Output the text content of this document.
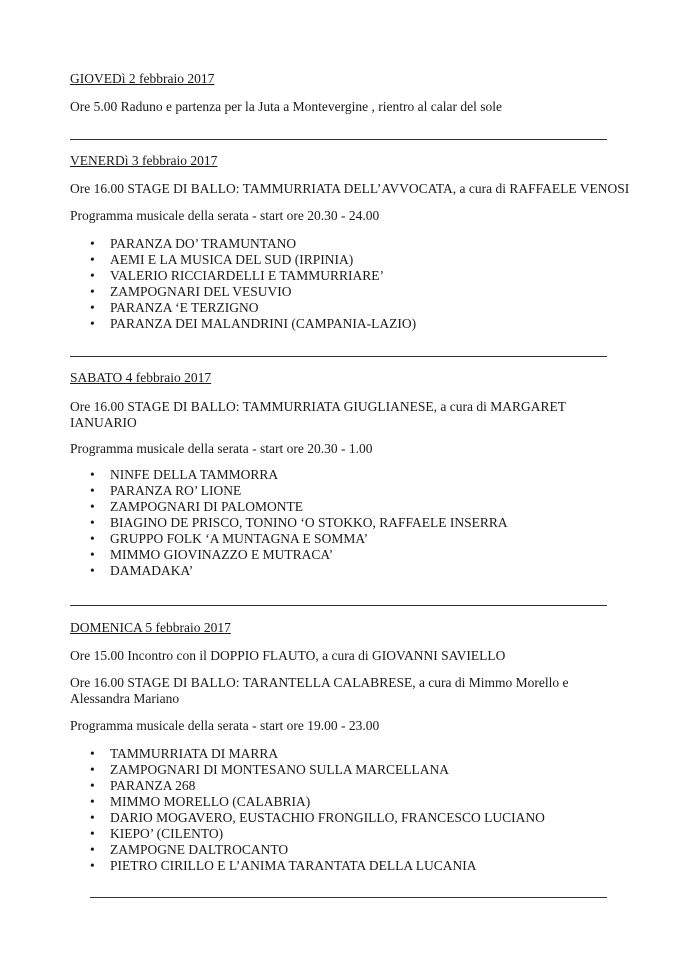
GIOVEDì 2 febbraio 2017

Ore 5.00 Raduno e partenza per la Juta a Montevergine , rientro al calar del sole

VENERDì 3 febbraio 2017

Ore 16.00 STAGE DI BALLO: TAMMURRIATA DELL’AVVOCATA, a cura di RAFFAELE VENOSI

Programma musicale della serata - start ore 20.30 - 24.00

• PARANZA DO’ TRAMUNTANO
• AEMI E LA MUSICA DEL SUD (IRPINIA)
• VALERIO RICCIARDELLI E TAMMURRIARE’
• ZAMPOGNARI DEL VESUVIO
• PARANZA ‘E TERZIGNO
• PARANZA DEI MALANDRINI (CAMPANIA-LAZIO)

SABATO 4 febbraio 2017

Ore 16.00 STAGE DI BALLO: TAMMURRIATA GIUGLIANESE, a cura di MARGARET

IANUARIO

• NINFE DELLA TAMMORRA
• PARANZA RO’ LIONE
• ZAMPOGNARI DI PALOMONTE
• BIAGINO DE PRISCO, TONINO ‘O STOKKO, RAFFAELE INSERRA
• GRUPPO FOLK ‘A MUNTAGNA E SOMMA’
• MIMMO GIOVINAZZO E MUTRACA’
• DAMADAKA’

Programma musicale della serata - start ore 20.30 - 1.00

DOMENICA 5 febbraio 2017

Ore 15.00 Incontro con il DOPPIO FLAUTO, a cura di GIOVANNI SAVIELLO

Ore 16.00 STAGE DI BALLO: TARANTELLA CALABRESE, a cura di Mimmo Morello e

Alessandra Mariano

Programma musicale della serata - start ore 19.00 - 23.00

• TAMMURRIATA DI MARRA
• ZAMPOGNARI DI MONTESANO SULLA MARCELLANA
• PARANZA 268
• MIMMO MORELLO (CALABRIA)
• DARIO MOGAVERO, EUSTACHIO FRONGILLO, FRANCESCO LUCIANO
• KIEPO’ (CILENTO)
• ZAMPOGNE DALTROCANTO
• PIETRO CIRILLO E L’ANIMA TARANTATA DELLA LUCANIA
